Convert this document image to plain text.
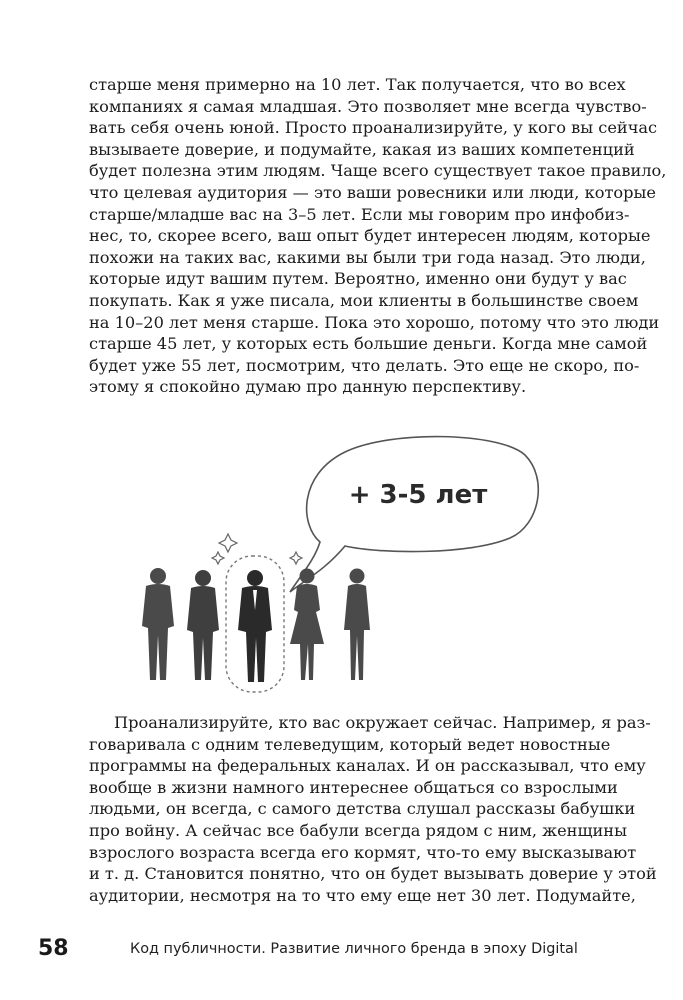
старше меня примерно на 10 лет. Так получается, что во всех
компаниях я самая младшая. Это позволяет мне всегда чувство-
вать себя очень юной. Просто проанализируйте, у кого вы сейчас
вызываете доверие, и подумайте, какая из ваших компетенций
будет полезна этим людям. Чаще всего существует такое правило,
что целевая аудитория — это ваши ровесники или люди, которые
старше/младше вас на 3–5 лет. Если мы говорим про инфобиз-
нес, то, скорее всего, ваш опыт будет интересен людям, которые
похожи на таких вас, какими вы были три года назад. Это люди,
которые идут вашим путем. Вероятно, именно они будут у вас
покупать. Как я уже писала, мои клиенты в большинстве своем
на 10–20 лет меня старше. Пока это хорошо, потому что это люди
старше 45 лет, у которых есть большие деньги. Когда мне самой
будет уже 55 лет, посмотрим, что делать. Это еще не скоро, по-
этому я спокойно думаю про данную перспективу.
+ 3-5 лет
Проанализируйте, кто вас окружает сейчас. Например, я раз-
говаривала с одним телеведущим, который ведет новостные
программы на федеральных каналах. И он рассказывал, что ему
вообще в жизни намного интереснее общаться со взрослыми
людьми, он всегда, с самого детства слушал рассказы бабушки
про войну. А сейчас все бабули всегда рядом с ним, женщины
взрослого возраста всегда его кормят, что-то ему высказывают
и т. д. Становится понятно, что он будет вызывать доверие у этой
аудитории, несмотря на то что ему еще нет 30 лет. Подумайте,
58	Код публичности. Развитие личного бренда в эпоху Digital
